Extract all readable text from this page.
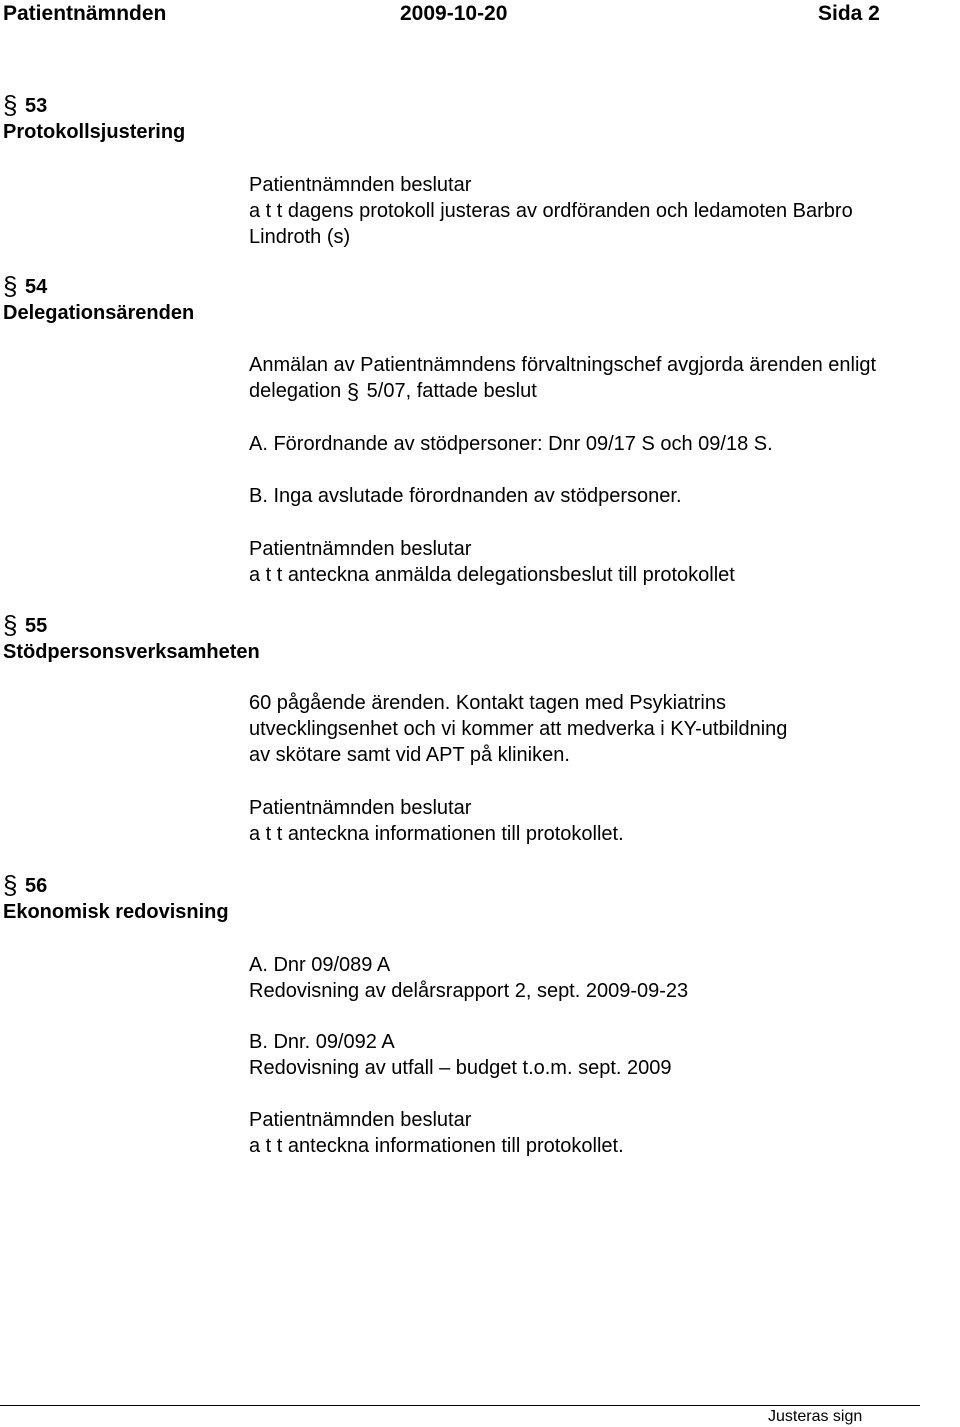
Patientnämnden	2009-10-20	Sida 2
§ 53
Protokollsjustering
Patientnämnden beslutar
a t t dagens protokoll justeras av ordföranden och ledamoten Barbro
Lindroth (s)
§ 54
Delegationsärenden
Anmälan av Patientnämndens förvaltningschef avgjorda ärenden enligt
delegation § 5/07, fattade beslut
A. Förordnande av stödpersoner: Dnr 09/17 S och 09/18 S.
B. Inga avslutade förordnanden av stödpersoner.
Patientnämnden beslutar
a t t anteckna anmälda delegationsbeslut till protokollet
§ 55
Stödpersonsverksamheten
60 pågående ärenden. Kontakt tagen med Psykiatrins
utvecklingsenhet och vi kommer att medverka i KY-utbildning
av skötare samt vid APT på kliniken.
Patientnämnden beslutar
a t t anteckna informationen till protokollet.
§ 56
Ekonomisk redovisning
A. Dnr 09/089 A
Redovisning av delårsrapport 2, sept. 2009-09-23
B. Dnr. 09/092 A
Redovisning av utfall – budget t.o.m. sept. 2009
Patientnämnden beslutar
a t t anteckna informationen till protokollet.
Justeras sign
